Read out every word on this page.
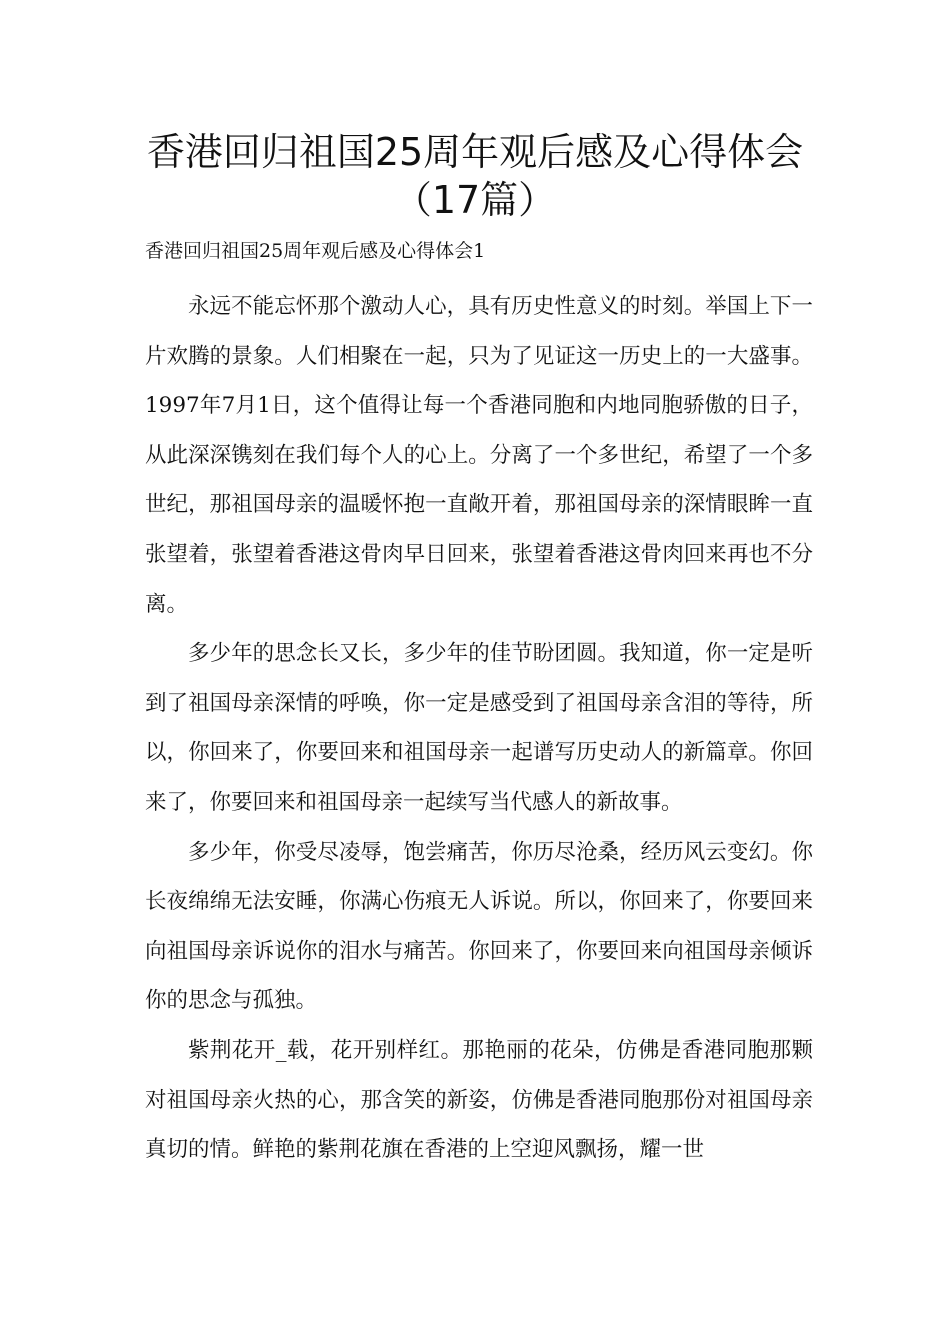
香港回归祖国25周年观后感及心得体会（17篇）
香港回归祖国25周年观后感及心得体会1

永远不能忘怀那个激动人心，具有历史性意义的时刻。举国上下一片欢腾的景象。人们相聚在一起，只为了见证这一历史上的一大盛事。1997年7月1日，这个值得让每一个香港同胞和内地同胞骄傲的日子，从此深深镌刻在我们每个人的心上。分离了一个多世纪，希望了一个多世纪，那祖国母亲的温暖怀抱一直敞开着，那祖国母亲的深情眼眸一直张望着，张望着香港这骨肉早日回来，张望着香港这骨肉回来再也不分离。

多少年的思念长又长，多少年的佳节盼团圆。我知道，你一定是听到了祖国母亲深情的呼唤，你一定是感受到了祖国母亲含泪的等待，所以，你回来了，你要回来和祖国母亲一起谱写历史动人的新篇章。你回来了，你要回来和祖国母亲一起续写当代感人的新故事。

多少年，你受尽凌辱，饱尝痛苦，你历尽沧桑，经历风云变幻。你长夜绵绵无法安睡，你满心伤痕无人诉说。所以，你回来了，你要回来向祖国母亲诉说你的泪水与痛苦。你回来了，你要回来向祖国母亲倾诉你的思念与孤独。

紫荆花开_载，花开别样红。那艳丽的花朵，仿佛是香港同胞那颗对祖国母亲火热的心，那含笑的新姿，仿佛是香港同胞那份对祖国母亲真切的情。鲜艳的紫荆花旗在香港的上空迎风飘扬，耀一世
